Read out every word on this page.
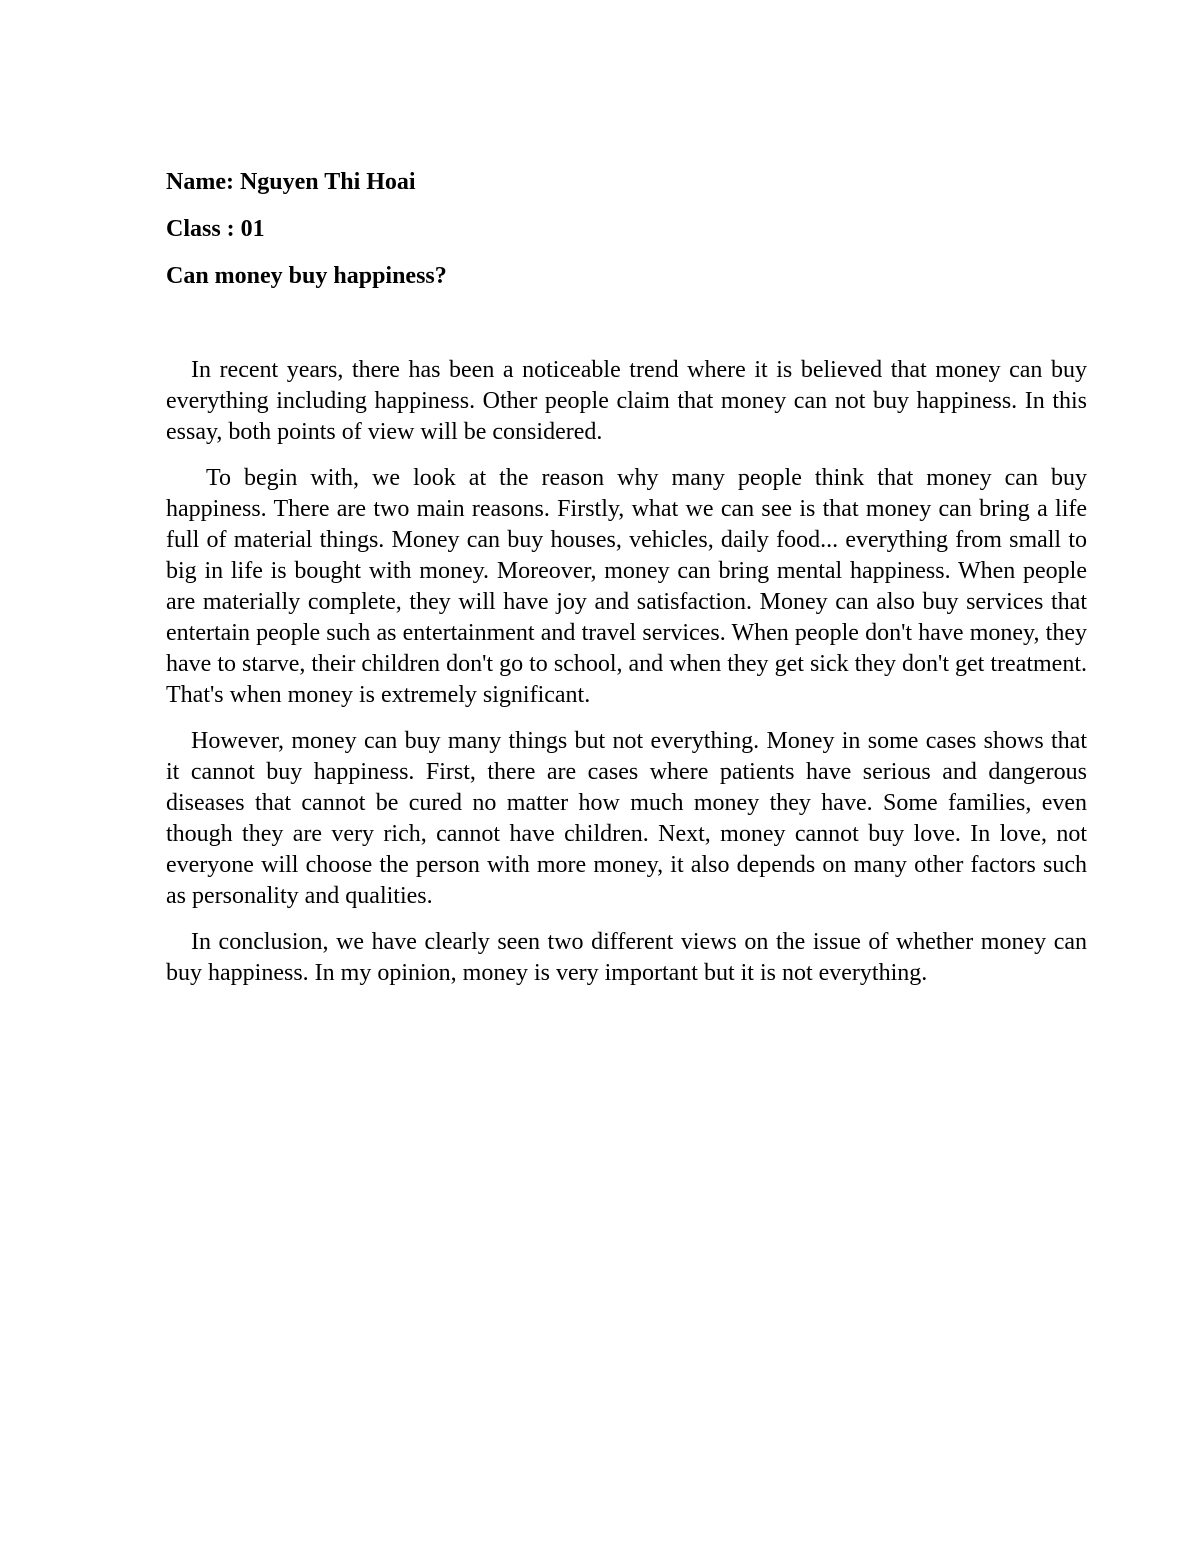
Name: Nguyen Thi Hoai

Class : 01

Can money buy happiness?

In recent years, there has been a noticeable trend where it is believed that money can buy everything including happiness. Other people claim that money can not buy happiness. In this essay, both points of view will be considered.

To begin with, we look at the reason why many people think that money can buy happiness. There are two main reasons. Firstly, what we can see is that money can bring a life full of material things. Money can buy houses, vehicles, daily food... everything from small to big in life is bought with money. Moreover, money can bring mental happiness. When people are materially complete, they will have joy and satisfaction. Money can also buy services that entertain people such as entertainment and travel services. When people don't have money, they have to starve, their children don't go to school, and when they get sick they don't get treatment. That's when money is extremely significant.

However, money can buy many things but not everything. Money in some cases shows that it cannot buy happiness. First, there are cases where patients have serious and dangerous diseases that cannot be cured no matter how much money they have. Some families, even though they are very rich, cannot have children. Next, money cannot buy love. In love, not everyone will choose the person with more money, it also depends on many other factors such as personality and qualities.

In conclusion, we have clearly seen two different views on the issue of whether money can buy happiness. In my opinion, money is very important but it is not everything.
